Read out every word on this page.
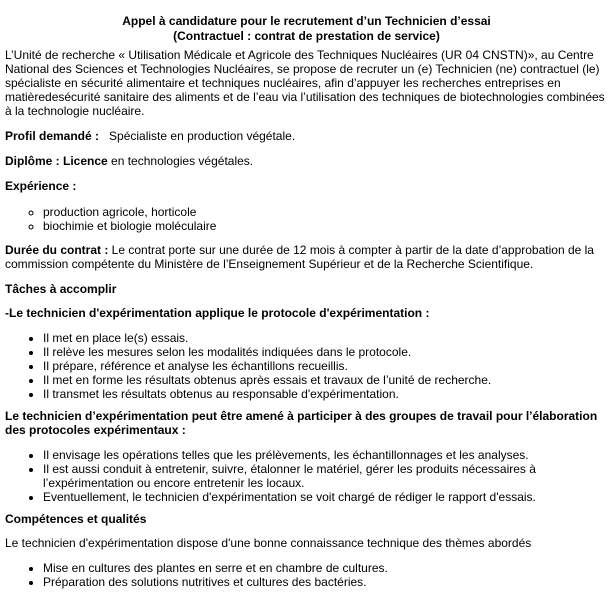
Appel à candidature pour le recrutement d’un Technicien d’essai
(Contractuel : contrat de prestation de service)

L’Unité de recherche « Utilisation Médicale et Agricole des Techniques Nucléaires (UR 04 CNSTN)», au Centre National des Sciences et Technologies Nucléaires, se propose de recruter un (e) Technicien (ne) contractuel (le) spécialiste en sécurité alimentaire et techniques nucléaires, afin d’appuyer les recherches entreprises en matièredesécurité sanitaire des aliments et de l’eau via l’utilisation des techniques de biotechnologies combinées à la technologie nucléaire.

Profil demandé : Spécialiste en production végétale.

Diplôme : Licence en technologies végétales.

Expérience :
◦ production agricole, horticole
◦ biochimie et biologie moléculaire

Durée du contrat : Le contrat porte sur une durée de 12 mois à compter à partir de la date d’approbation de la commission compétente du Ministère de l’Enseignement Supérieur et de la Recherche Scientifique.

Tâches à accomplir
-Le technicien d'expérimentation applique le protocole d'expérimentation :
• Il met en place le(s) essais.
• Il relève les mesures selon les modalités indiquées dans le protocole.
• Il prépare, référence et analyse les échantillons recueillis.
• Il met en forme les résultats obtenus après essais et travaux de l’unité de recherche.
• Il transmet les résultats obtenus au responsable d'expérimentation.
Le technicien d’expérimentation peut être amené à participer à des groupes de travail pour l’élaboration des protocoles expérimentaux :
• Il envisage les opérations telles que les prélèvements, les échantillonnages et les analyses.
• Il est aussi conduit à entretenir, suivre, étalonner le matériel, gérer les produits nécessaires à l’expérimentation ou encore entretenir les locaux.
• Eventuellement, le technicien d'expérimentation se voit chargé de rédiger le rapport d'essais.
Compétences et qualités

Le technicien d'expérimentation dispose d'une bonne connaissance technique des thèmes abordés

• Mise en cultures des plantes en serre et en chambre de cultures.
• Préparation des solutions nutritives et cultures des bactéries.
